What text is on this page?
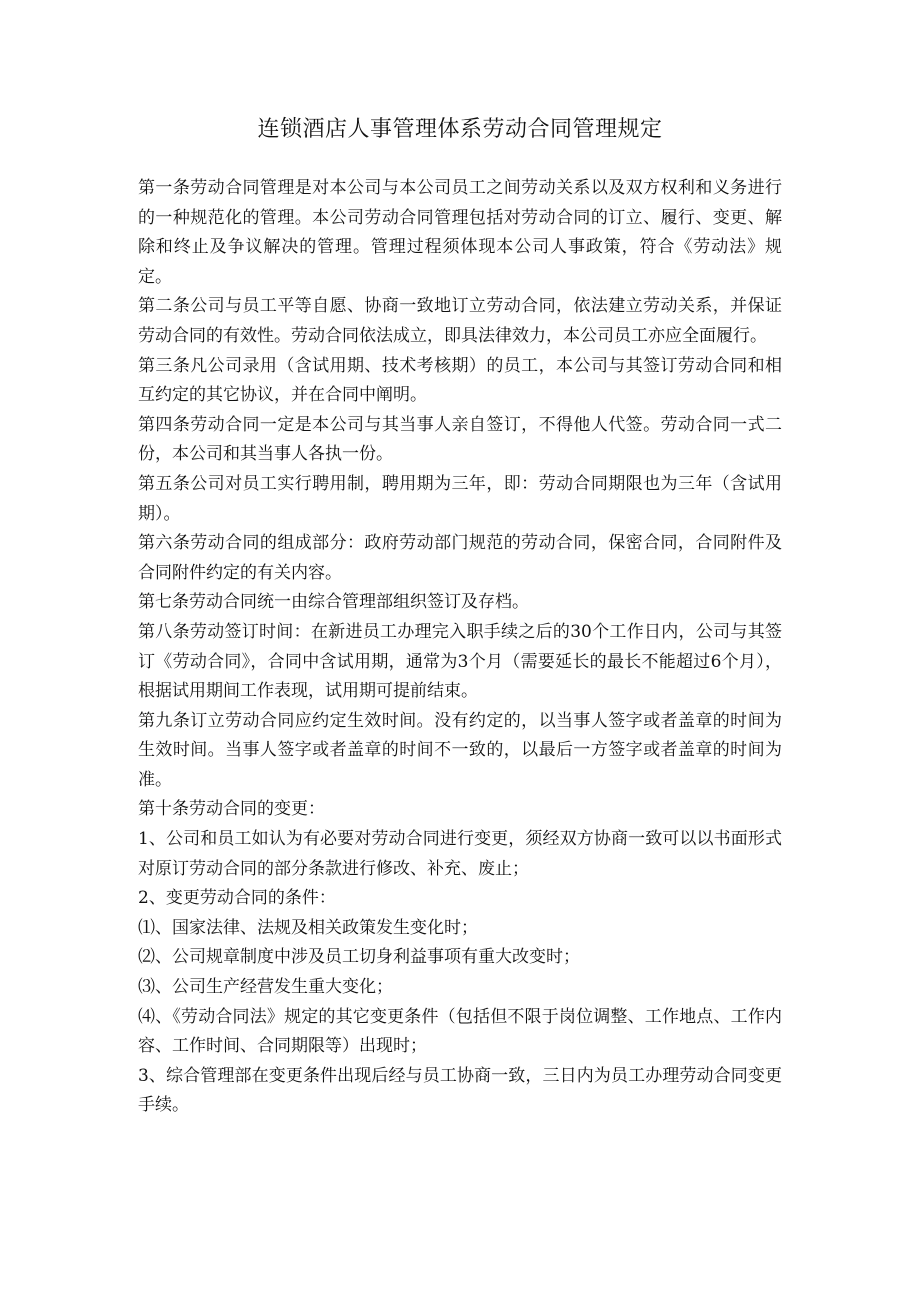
连锁酒店人事管理体系劳动合同管理规定

第一条劳动合同管理是对本公司与本公司员工之间劳动关系以及双方权利和义务进行的一种规范化的管理。本公司劳动合同管理包括对劳动合同的订立、履行、变更、解除和终止及争议解决的管理。管理过程须体现本公司人事政策，符合《劳动法》规定。

第二条公司与员工平等自愿、协商一致地订立劳动合同，依法建立劳动关系，并保证劳动合同的有效性。劳动合同依法成立，即具法律效力，本公司员工亦应全面履行。

第三条凡公司录用（含试用期、技术考核期）的员工，本公司与其签订劳动合同和相互约定的其它协议，并在合同中阐明。

第四条劳动合同一定是本公司与其当事人亲自签订，不得他人代签。劳动合同一式二份，本公司和其当事人各执一份。

第五条公司对员工实行聘用制，聘用期为三年，即：劳动合同期限也为三年（含试用期）。

第六条劳动合同的组成部分：政府劳动部门规范的劳动合同，保密合同，合同附件及合同附件约定的有关内容。

第七条劳动合同统一由综合管理部组织签订及存档。

第八条劳动签订时间：在新进员工办理完入职手续之后的30个工作日内，公司与其签订《劳动合同》，合同中含试用期，通常为3个月（需要延长的最长不能超过6个月），根据试用期间工作表现，试用期可提前结束。

第九条订立劳动合同应约定生效时间。没有约定的，以当事人签字或者盖章的时间为生效时间。当事人签字或者盖章的时间不一致的，以最后一方签字或者盖章的时间为准。

第十条劳动合同的变更：

1、公司和员工如认为有必要对劳动合同进行变更，须经双方协商一致可以以书面形式对原订劳动合同的部分条款进行修改、补充、废止；

2、变更劳动合同的条件：

⑴、国家法律、法规及相关政策发生变化时；

⑵、公司规章制度中涉及员工切身利益事项有重大改变时；

⑶、公司生产经营发生重大变化；

⑷、《劳动合同法》规定的其它变更条件（包括但不限于岗位调整、工作地点、工作内容、工作时间、合同期限等）出现时；

3、综合管理部在变更条件出现后经与员工协商一致，三日内为员工办理劳动合同变更手续。
